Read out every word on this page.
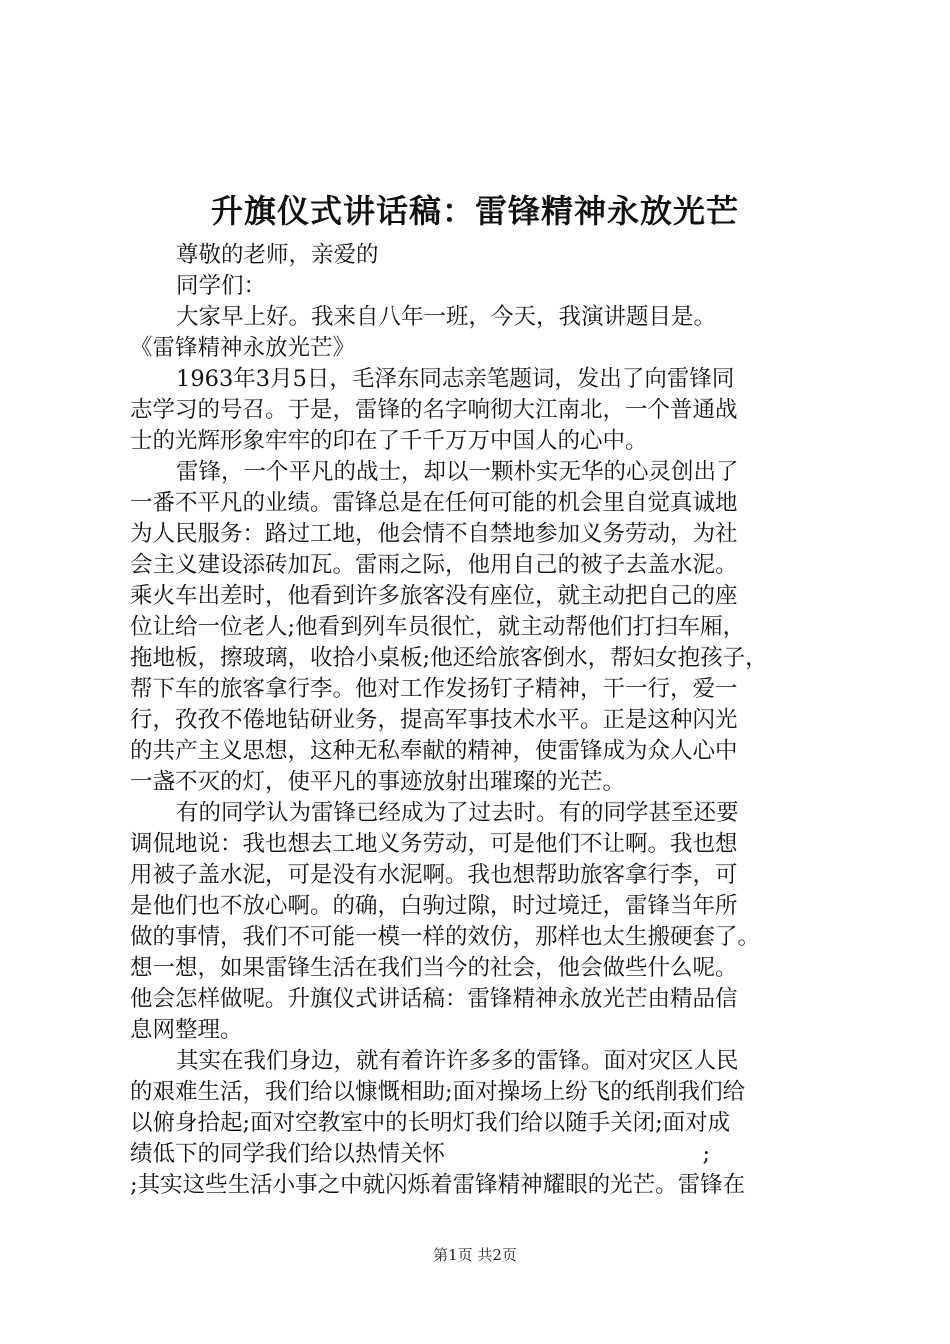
升旗仪式讲话稿：雷锋精神永放光芒
尊敬的老师，亲爱的
同学们：
大家早上好。我来自八年一班，今天，我演讲题目是。
《雷锋精神永放光芒》
1963年3月5日，毛泽东同志亲笔题词，发出了向雷锋同
志学习的号召。于是，雷锋的名字响彻大江南北，一个普通战
士的光辉形象牢牢的印在了千千万万中国人的心中。
雷锋，一个平凡的战士，却以一颗朴实无华的心灵创出了
一番不平凡的业绩。雷锋总是在任何可能的机会里自觉真诚地
为人民服务：路过工地，他会情不自禁地参加义务劳动，为社
会主义建设添砖加瓦。雷雨之际，他用自己的被子去盖水泥。
乘火车出差时，他看到许多旅客没有座位，就主动把自己的座
位让给一位老人;他看到列车员很忙，就主动帮他们打扫车厢，
拖地板，擦玻璃，收拾小桌板;他还给旅客倒水，帮妇女抱孩子，
帮下车的旅客拿行李。他对工作发扬钉子精神，干一行，爱一
行，孜孜不倦地钻研业务，提高军事技术水平。正是这种闪光
的共产主义思想，这种无私奉献的精神，使雷锋成为众人心中
一盏不灭的灯，使平凡的事迹放射出璀璨的光芒。
有的同学认为雷锋已经成为了过去时。有的同学甚至还要
调侃地说：我也想去工地义务劳动，可是他们不让啊。我也想
用被子盖水泥，可是没有水泥啊。我也想帮助旅客拿行李，可
是他们也不放心啊。的确，白驹过隙，时过境迁，雷锋当年所
做的事情，我们不可能一模一样的效仿，那样也太生搬硬套了。
想一想，如果雷锋生活在我们当今的社会，他会做些什么呢。
他会怎样做呢。升旗仪式讲话稿：雷锋精神永放光芒由精品信
息网整理。
其实在我们身边，就有着许许多多的雷锋。面对灾区人民
的艰难生活，我们给以慷慨相助;面对操场上纷飞的纸削我们给
以俯身拾起;面对空教室中的长明灯我们给以随手关闭;面对成
绩低下的同学我们给以热情关怀                                    ;
;其实这些生活小事之中就闪烁着雷锋精神耀眼的光芒。雷锋在
第1页 共2页
